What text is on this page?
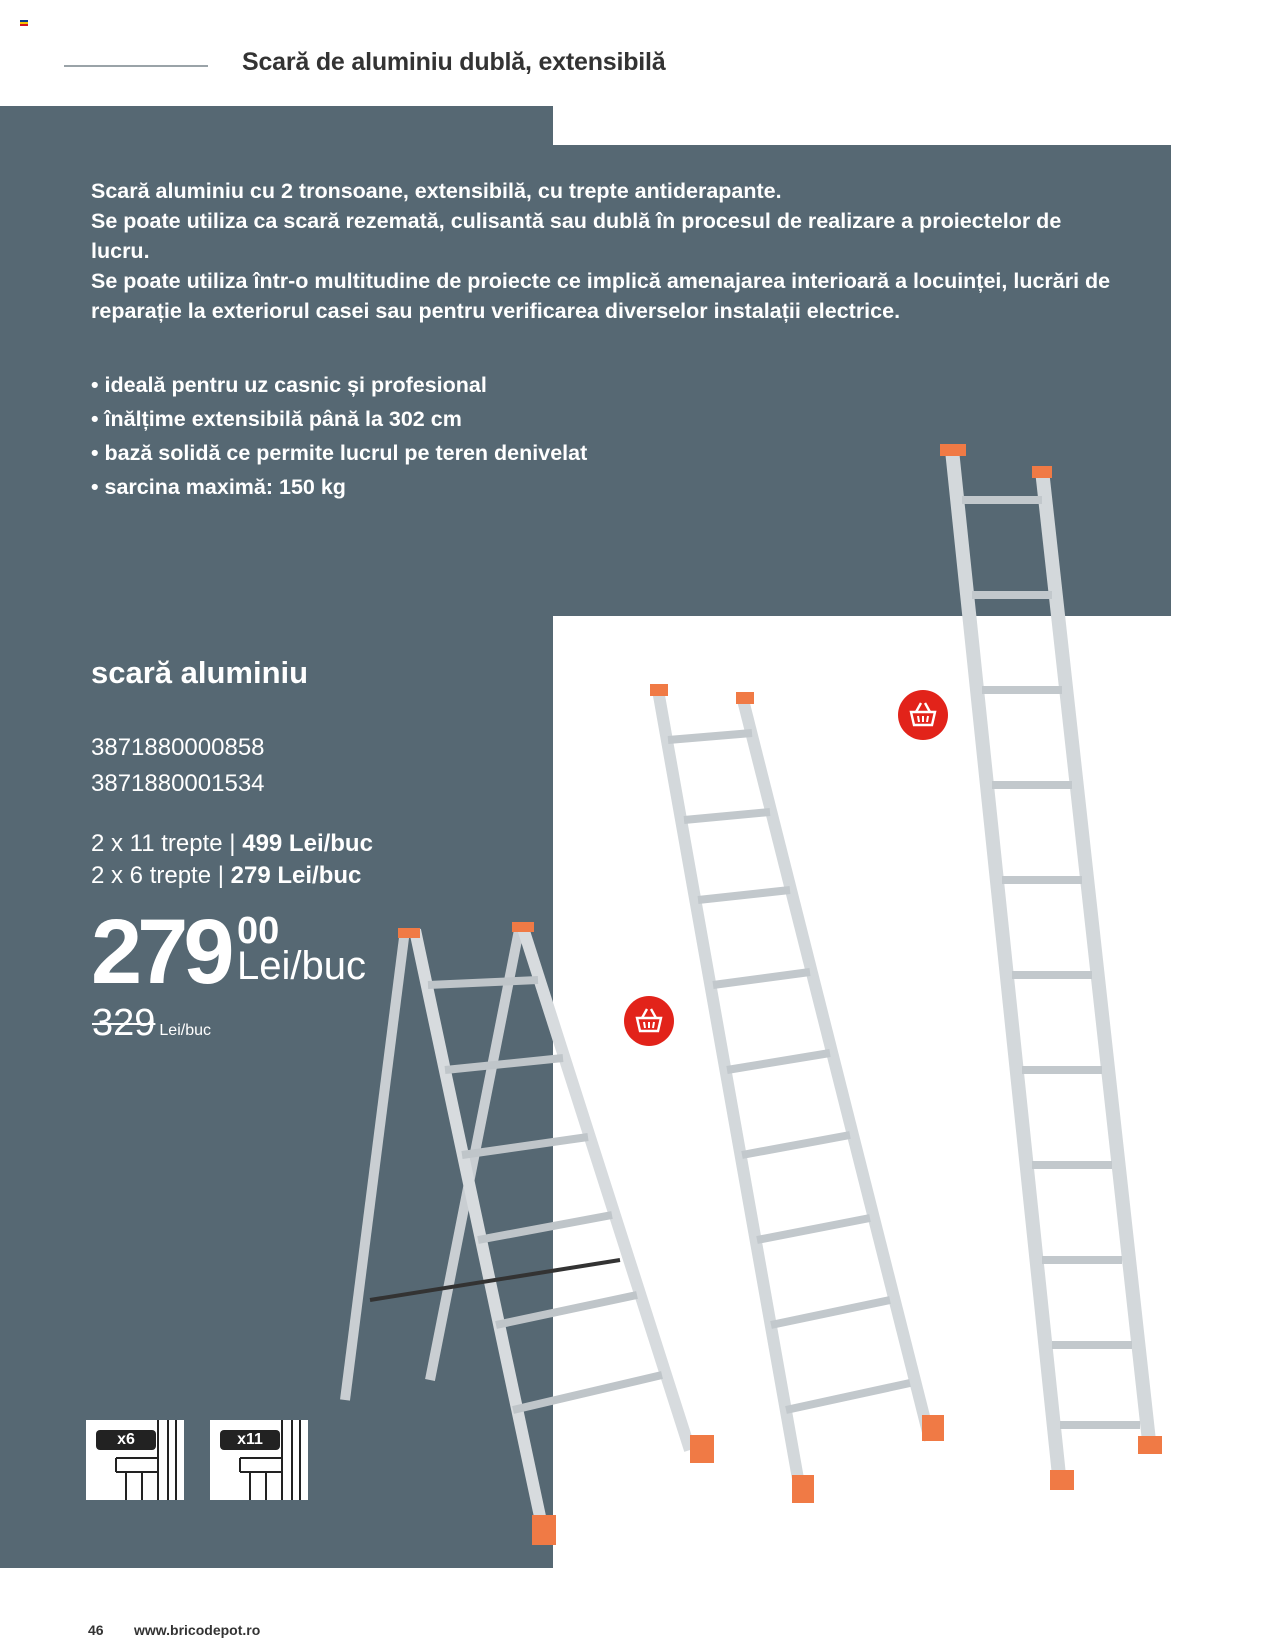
Scară de aluminiu dublă, extensibilă

Scară aluminiu cu 2 tronsoane, extensibilă, cu trepte antiderapante.

Se poate utiliza ca scară rezemată, culisantă sau dublă în procesul de realizare a proiectelor de lucru.

Se poate utiliza într-o multitudine de proiecte ce implică amenajarea interioară a locuinței, lucrări de reparație la exteriorul casei sau pentru verificarea diverselor instalații electrice.

• ideală pentru uz casnic și profesional
• înălțime extensibilă până la 302 cm
• bază solidă ce permite lucrul pe teren denivelat
• sarcina maximă: 150 kg
scară aluminiu
3871880000858
3871880001534
2 x 11 trepte | 499 Lei/buc
2 x 6 trepte | 279 Lei/buc
279 00
Lei/buc
329 Lei/buc
x6	x11
46 www.bricodepot.ro
